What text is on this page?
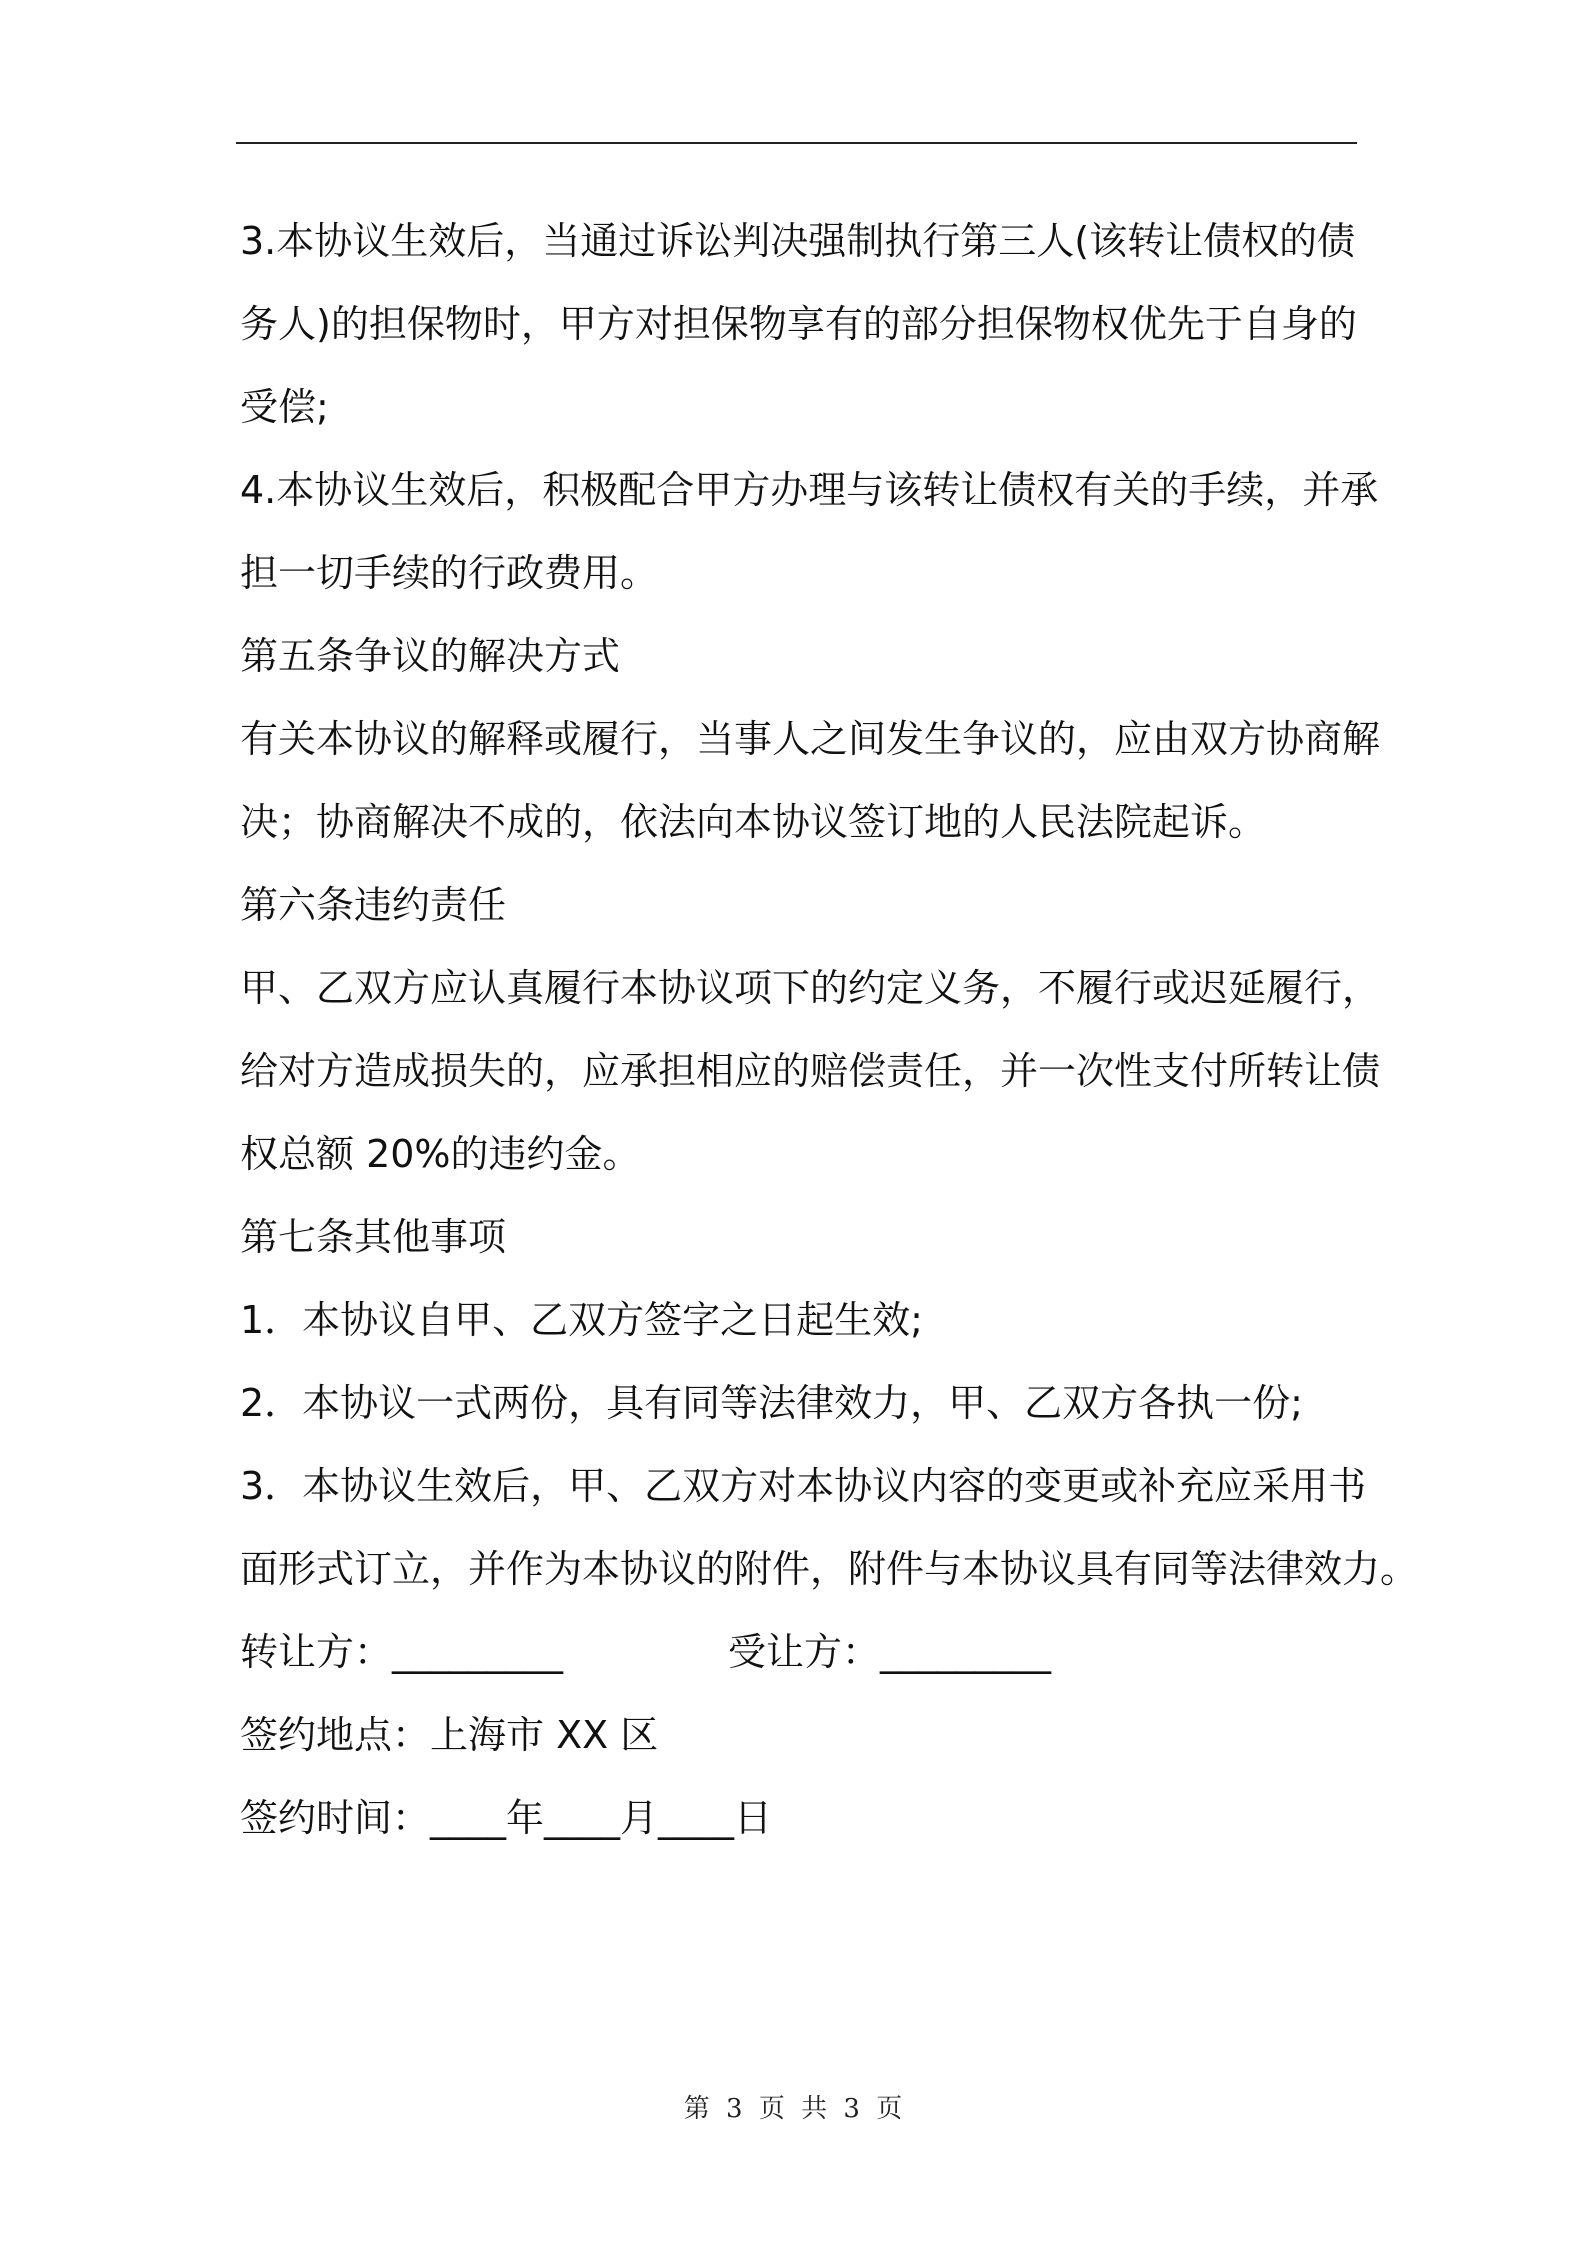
3.本协议生效后，当通过诉讼判决强制执行第三人(该转让债权的债

务人)的担保物时，甲方对担保物享有的部分担保物权优先于自身的

受偿;

4.本协议生效后，积极配合甲方办理与该转让债权有关的手续，并承

担一切手续的行政费用。

第五条争议的解决方式

有关本协议的解释或履行，当事人之间发生争议的，应由双方协商解

决；协商解决不成的，依法向本协议签订地的人民法院起诉。

第六条违约责任

甲、乙双方应认真履行本协议项下的约定义务，不履行或迟延履行，

给对方造成损失的，应承担相应的赔偿责任，并一次性支付所转让债

权总额 20%的违约金。

第七条其他事项

1．本协议自甲、乙双方签字之日起生效;

2．本协议一式两份，具有同等法律效力，甲、乙双方各执一份;

3．本协议生效后，甲、乙双方对本协议内容的变更或补充应采用书

面形式订立，并作为本协议的附件，附件与本协议具有同等法律效力。

转让方：_________	受让方：_________

签约地点：上海市 XX 区

签约时间：____年____月____日

第 3 页 共 3 页
